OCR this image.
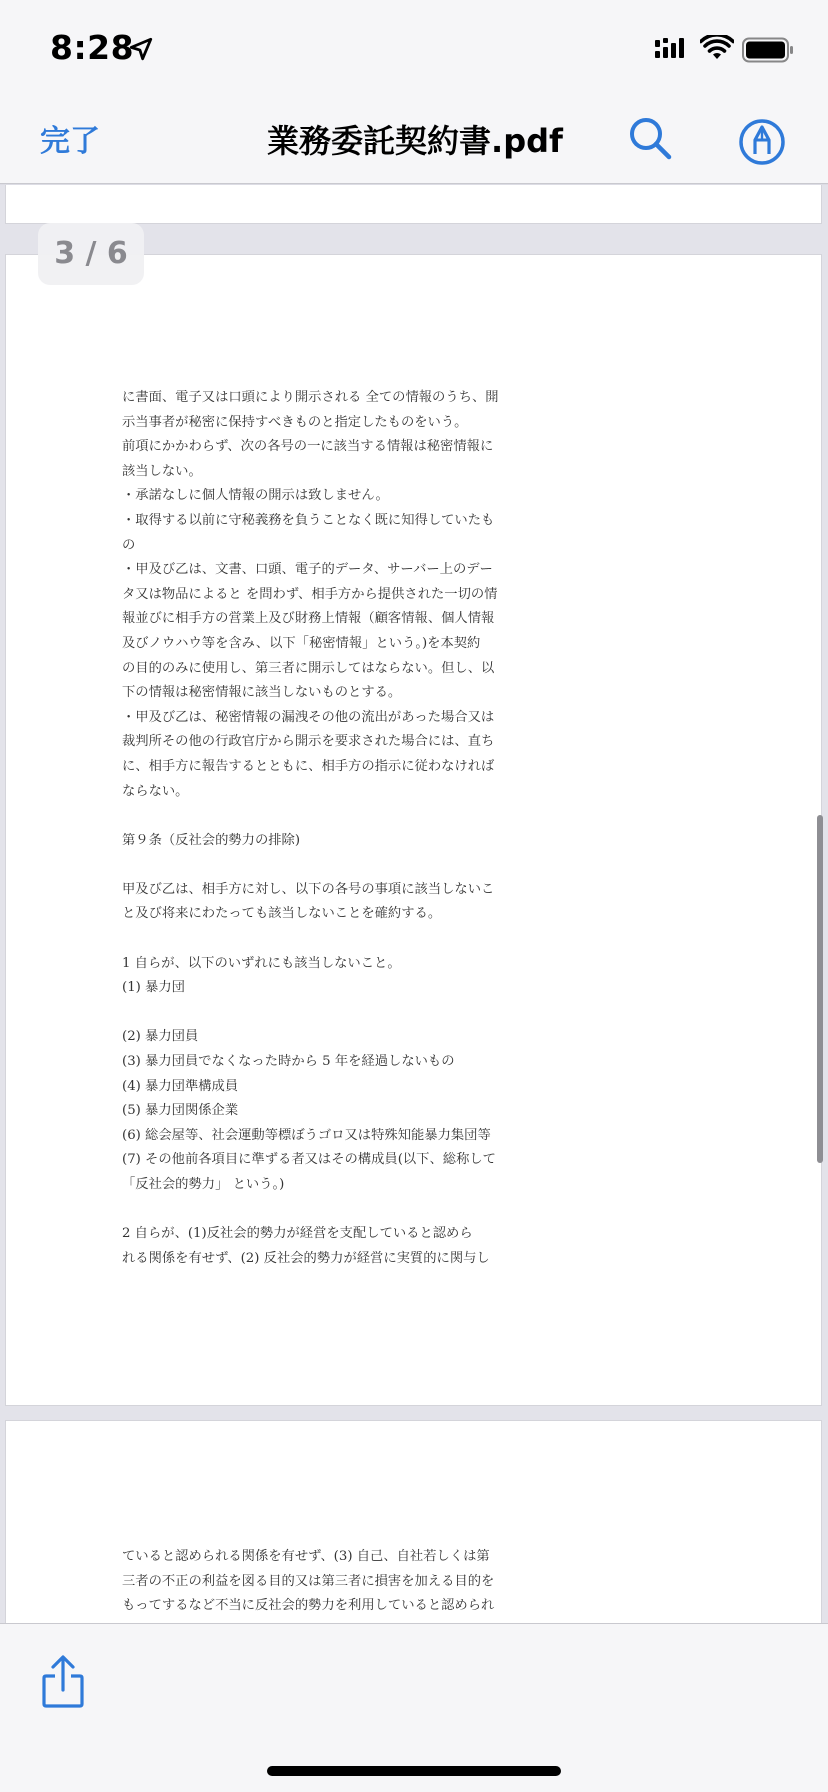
8:28
完了	業務委託契約書.pdf
に書面、電子又は口頭により開示される 全ての情報のうち、開
示当事者が秘密に保持すべきものと指定したものをいう。
前項にかかわらず、次の各号の一に該当する情報は秘密情報に
該当しない。
・承諾なしに個人情報の開示は致しません。
・取得する以前に守秘義務を負うことなく既に知得していたも
の
・甲及び乙は、文書、口頭、電子的データ、サーバー上のデー
タ又は物品によると を問わず、相手方から提供された一切の情
報並びに相手方の営業上及び財務上情報（顧客情報、個人情報
及びノウハウ等を含み、以下「秘密情報」という。)を本契約
の目的のみに使用し、第三者に開示してはならない。但し、以
下の情報は秘密情報に該当しないものとする。
・甲及び乙は、秘密情報の漏洩その他の流出があった場合又は
裁判所その他の行政官庁から開示を要求された場合には、直ち
に、相手方に報告するとともに、相手方の指示に従わなければ
ならない。
第９条（反社会的勢力の排除)
甲及び乙は、相手方に対し、以下の各号の事項に該当しないこ
と及び将来にわたっても該当しないことを確約する。
1 自らが、以下のいずれにも該当しないこと。
(1) 暴力団
(2) 暴力団員
(3) 暴力団員でなくなった時から 5 年を経過しないもの
(4) 暴力団準構成員
(5) 暴力団関係企業
(6) 総会屋等、社会運動等標ぼうゴロ又は特殊知能暴力集団等
(7) その他前各項目に準ずる者又はその構成員(以下、総称して
「反社会的勢力」 という。)
2 自らが、(1)反社会的勢力が経営を支配していると認めら
れる関係を有せず、(2) 反社会的勢力が経営に実質的に関与し
ていると認められる関係を有せず、(3) 自己、自社若しくは第
三者の不正の利益を図る目的又は第三者に損害を加える目的を
もってするなど不当に反社会的勢力を利用していると認められ
3 / 6
